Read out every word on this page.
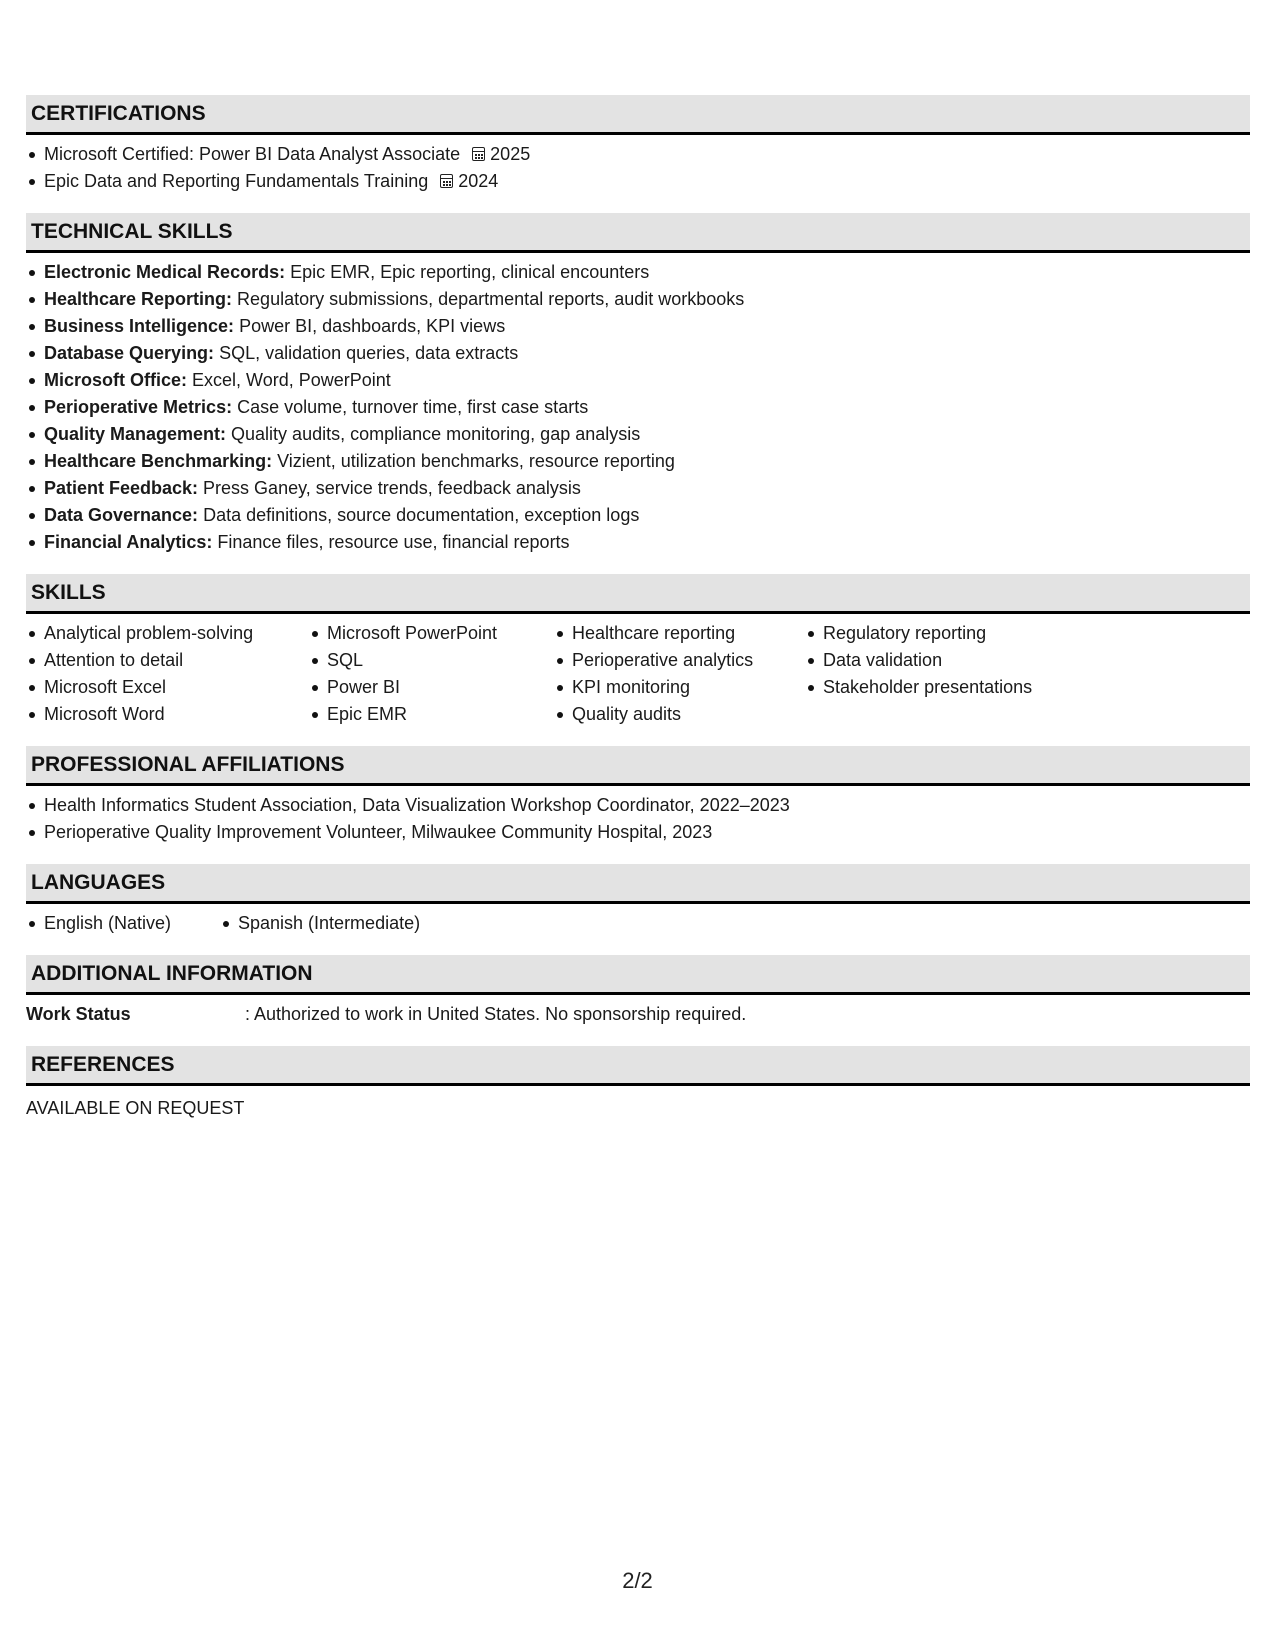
CERTIFICATIONS
Microsoft Certified: Power BI Data Analyst Associate 2025
Epic Data and Reporting Fundamentals Training 2024
TECHNICAL SKILLS
Electronic Medical Records: Epic EMR, Epic reporting, clinical encounters
Healthcare Reporting: Regulatory submissions, departmental reports, audit workbooks
Business Intelligence: Power BI, dashboards, KPI views
Database Querying: SQL, validation queries, data extracts
Microsoft Office: Excel, Word, PowerPoint
Perioperative Metrics: Case volume, turnover time, first case starts
Quality Management: Quality audits, compliance monitoring, gap analysis
Healthcare Benchmarking: Vizient, utilization benchmarks, resource reporting
Patient Feedback: Press Ganey, service trends, feedback analysis
Data Governance: Data definitions, source documentation, exception logs
Financial Analytics: Finance files, resource use, financial reports
SKILLS
Analytical problem-solving
Attention to detail
Microsoft Excel
Microsoft Word
Microsoft PowerPoint
SQL
Power BI
Epic EMR
Healthcare reporting
Perioperative analytics
KPI monitoring
Quality audits
Regulatory reporting
Data validation
Stakeholder presentations
PROFESSIONAL AFFILIATIONS
Health Informatics Student Association, Data Visualization Workshop Coordinator, 2022–2023
Perioperative Quality Improvement Volunteer, Milwaukee Community Hospital, 2023
LANGUAGES
English (Native)	Spanish (Intermediate)
ADDITIONAL INFORMATION
Work Status	: Authorized to work in United States. No sponsorship required.
REFERENCES
AVAILABLE ON REQUEST
2/2
